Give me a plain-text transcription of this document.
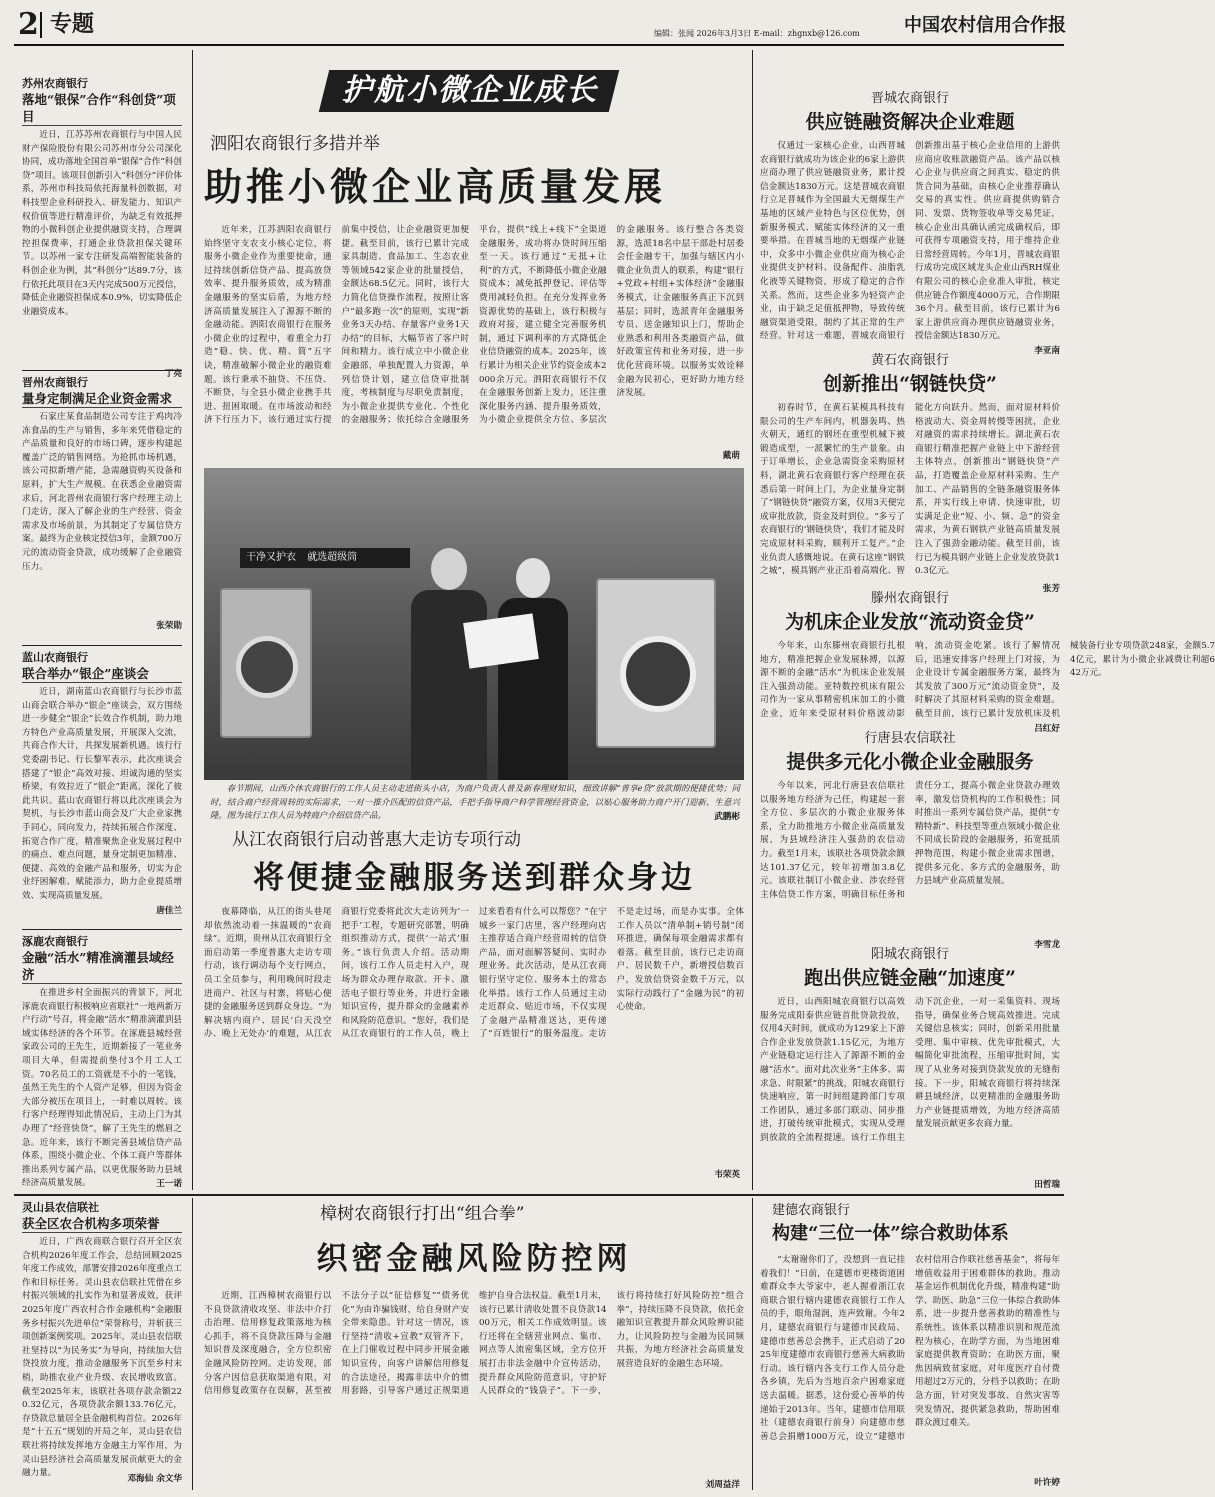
2 专题	编辑：张闻 2026年3月3日 E-mail：zhgnxb@126.com	中国农村信用合作报
苏州农商银行
落地“银保”合作“科创贷”项目
近日，江苏苏州农商银行与中国人民财产保险股份有限公司苏州市分公司深化协同，成功落地全国首单“银保”合作“科创贷”项目。该项目创新引入“科创分”评价体系，苏州市科技局依托海量科创数据，对科技型企业科研投入、研发能力、知识产权价值等进行精准评价，为缺乏有效抵押物的小微科创企业提供融资支持，合理调控担保费率，打通企业贷款担保关键环节。以苏州一家专注研发高端智能装备的科创企业为例，其“科创分”达89.7分，该行依托此项目在3天内完成500万元授信，降低企业融资担保成本0.9%，切实降低企业融资成本。
丁亮
晋州农商银行
量身定制满足企业资金需求
石家庄某食品制造公司专注于鸡肉冷冻食品的生产与销售，多年来凭借稳定的产品质量和良好的市场口碑，逐步构建起覆盖广泛的销售网络。为抢抓市场机遇，该公司拟新增产能，急需融资购买设备和原料，扩大生产规模。在获悉企业融资需求后，河北晋州农商银行客户经理主动上门走访，深入了解企业的生产经营、资金需求及市场前景，为其制定了专属信贷方案。最终为企业核定授信3年，金额700万元的流动资金贷款，成功缓解了企业融资压力。
张荣勋
蓝山农商银行
联合举办“银企”座谈会
近日，湖南蓝山农商银行与长沙市蓝山商会联合举办“银企”座谈会，双方围绕进一步健全“银企”长效合作机制，助力地方特色产业高质量发展，开展深入交流，共商合作大计，共探发展新机遇。该行行党委副书记、行长黎军表示，此次座谈会搭建了“银企”高效对接、坦诚沟通的坚实桥梁，有效拉近了“银企”距离，深化了彼此共识。蓝山农商银行将以此次座谈会为契机，与长沙市蓝山商会及广大企业家携手同心，同向发力，持续拓展合作深度、拓宽合作广度，精准聚焦企业发展过程中的痛点、难点问题，量身定制更加精准、便捷、高效的金融产品和服务，切实为企业纾困解难、赋能添力，助力企业提质增效、实现高质量发展。
唐佳兰
涿鹿农商银行
金融“活水”精准滴灌县域经济
在推进乡村全面振兴的背景下，河北涿鹿农商银行积极响应省联社“一地两新万户行动”号召，将金融“活水”精准滴灌到县域实体经济的各个环节。在涿鹿县城经营家政公司的王先生，近期新接了一笔业务项目大单，但需提前垫付3个月工人工资。70名员工的工资就是不小的一笔钱，虽然王先生的个人资产足够，但因为资金大部分被压在项目上，一时难以周转。该行客户经理得知此情况后，主动上门为其办理了“经营快贷”，解了王先生的燃眉之急。近年来，该行不断完善县域信贷产品体系，围绕小微企业、个体工商户等群体推出系列专属产品，以更优服务助力县域经济高质量发展。	王一诺
护航小微企业成长
泗阳农商银行多措并举
助推小微企业高质量发展
近年来，江苏泗阳农商银行始终坚守支农支小核心定位，将服务小微企业作为重要使命，通过持续创新信贷产品、提高放贷效率、提升服务质效，成为精准金融服务的坚实后盾，为地方经济高质量发展注入了源源不断的金融动能。泗阳农商银行在服务小微企业的过程中，着重全力打造“稳、快、优、精、简”五字诀，精准破解小微企业的融资难题。该行秉承不抽贷、不压贷、不断贷，与全县小微企业携手共进、扭困取暖。在市场波动和经济下行压力下，该行通过实行提前集中授信，让企业融资更加便捷。截至目前，该行已累计完成家具制造、食品加工、生态农业等领域542家企业的批量授信，金额达68.5亿元。同时，该行大力简化信贷操作流程，按照让客户“最多跑一次”的原则，实现“新业务3天办结、存量客户业务1天办结”的目标，大幅节省了客户时间和精力。该行成立中小微企业金融部，单独配置人力资源，单列信贷计划，建立信贷审批制度，考核制度与尽职免责制度，为小微企业提供专业化、个性化的金融服务；依托综合金融服务平台，提供“线上+线下”全渠道金融服务，成功将办贷时间压缩至一天。该行通过“无抵+让利”的方式，不断降低小微企业融资成本；减免抵押登记、评估等费用减轻负担。在充分发挥业务资源优势的基础上，该行积极与政府对接，建立健全完善服务机制，通过下调利率的方式降低企业信贷融资的成本。2025年，该行累计为相关企业节约资金成本2000余万元。泗阳农商银行不仅在金融服务创新上发力，还注重深化服务内涵、提升服务质效，为小微企业提供全方位、多层次的金融服务。该行整合各类资源，选派18名中层干部赴村居委会任金融专干，加强与辖区内小微企业负责人的联系，构建“银行+党政+村组+实体经济”金融服务模式，让金融服务真正下沉到基层；同时，选派青年金融服务专员、送金融知识上门，帮助企业熟悉和利用各类融资产品，做好政策宣传和业务对接，进一步优化营商环境。以服务实效诠释金融为民初心，更好助力地方经济发展。
戴萌
干净又护衣 就选超级筒
春节期间，山西介休农商银行的工作人员主动走进街头小店，为商户负责人普及新春理财知识，细致讲解“普享e贷”放款期的便捷优势；同时，结合商户经营周转的实际需求，一对一推介匹配的信贷产品，手把手指导商户科学管理经营资金，以贴心服务助力商户开门迎新、生意兴隆。图为该行工作人员为特商户介绍信贷产品。	武鹏彬
从江农商银行启动普惠大走访专项行动
将便捷金融服务送到群众身边
夜幕降临，从江的街头巷尾却依然流动着一抹温暖的“农商绿”。近期，贵州从江农商银行全面启动第一季度普惠大走访专项行动，该行调动每个支行网点，员工全员参与，利用晚间时段走进商户、社区与村寨，将贴心便捷的金融服务送到群众身边。“为解决辖内商户、居民‘白天没空办、晚上无处办’的难题，从江农商银行党委将此次大走访列为‘一把手’工程，专题研究部署，明确组织推动方式，提供‘一站式’服务。”该行负责人介绍。活动期间，该行工作人员走村入户，现场为群众办理存取款、开卡、激活电子银行等业务，并进行金融知识宣传，提升群众的金融素养和风险防范意识。“您好，我们是从江农商银行的工作人员，晚上过来看看有什么可以帮您？”在宁城乡一家门店里，客户经理向店主推荐适合商户经营周转的信贷产品，面对面解答疑问、实时办理业务。此次活动，是从江农商银行坚守定位、服务本土的常态化举措。该行工作人员通过主动走近群众、贴近市场，不仅实现了金融产品精准送达，更传递了“百姓银行”的服务温度。走访不是走过场，而是办实事。全体工作人员以“清单制+销号制”闭环推进，确保每项金融需求都有着落。截至目前，该行已走访商户、居民数千户，新增授信数百户，发放信贷资金数千万元，以实际行动践行了“金融为民”的初心使命。
韦荣英
晋城农商银行
供应链融资解决企业难题
仅通过一家核心企业，山西晋城农商银行就成功为该企业的6家上游供应商办理了供应链融资业务，累计授信金额达1830万元。这是晋城农商银行立足晋城作为全国最大无烟煤生产基地的区域产业特色与区位优势，创新服务模式、赋能实体经济的又一重要举措。在晋城当地的无烟煤产业链中，众多中小微企业供应商为核心企业提供支护材料、设备配件、油脂乳化液等关键物资，形成了稳定的合作关系。然而，这些企业多为轻资产企业，由于缺乏足值抵押物，导致传统融资渠道受限，制约了其正常的生产经营。针对这一难题，晋城农商银行创新推出基于核心企业信用的上游供应商应收账款融资产品。该产品以核心企业与供应商之间真实、稳定的供货合同为基础，由核心企业推荐确认交易的真实性。供应商提供购销合同、发票、货物签收单等交易凭证，核心企业出具确认函完成确权后，即可获得专项融资支持，用于维持企业日常经营周转。今年1月，晋城农商银行成功完成区域龙头企业山西RH煤业有限公司的核心企业准入审批，核定供应链合作额度4000万元，合作期限36个月。截至目前，该行已累计为6家上游供应商办理供应链融资业务，授信金额达1830万元。
李亚南
黄石农商银行
创新推出“钢链快贷”
初春时节，在黄石某模具科技有限公司的生产车间内，机器轰鸣、热火朝天，通红的钢坯在重型机械下被锻造成型，一派繁忙的生产景象。由于订单增长，企业急需资金采购原材料，湖北黄石农商银行客户经理在获悉后第一时间上门，为企业量身定制了“钢链快贷”融资方案，仅用3天便完成审批放款，资金及时到位。“多亏了农商银行的‘钢链快贷’，我们才能及时完成原材料采购，顺利开工复产。”企业负责人感慨地说。在黄石这座“钢铁之城”，模具钢产业正沿着高端化、智能化方向跃升。然而，面对原材料价格波动大、资金周转慢等困扰，企业对融资的需求持续增长。湖北黄石农商银行精准把握产业链上中下游经营主体特点，创新推出“钢链快贷”产品，打造覆盖企业原材料采购、生产加工、产品销售的全链条融资服务体系，并实行线上申请、快速审批，切实满足企业“短、小、频、急”的资金需求，为黄石钢铁产业链高质量发展注入了强劲金融动能。截至目前，该行已为模具钢产业链上企业发放贷款10.3亿元。
张芳
滕州农商银行
为机床企业发放“流动资金贷”
今年来，山东滕州农商银行扎根地方，精准把握企业发展脉搏，以源源不断的金融“活水”为机床企业发展注入强劲动能。亚特数控机床有限公司作为一家从事精密机床加工的小微企业，近年来受原材料价格波动影响，流动资金吃紧。该行了解情况后，迅速安排客户经理上门对接，为企业设计专属金融服务方案，最终为其发放了300万元“流动资金贷”，及时解决了其原材料采购的资金难题。截至目前，该行已累计发放机床及机械装备行业专项贷款248家，金额5.74亿元，累计为小微企业减费让利超642万元。
吕红好
行唐县农信联社
提供多元化小微企业金融服务
今年以来，河北行唐县农信联社以服务地方经济为己任，构建起一套全方位、多层次的小微企业服务体系，全力助推地方小微企业高质量发展，为县域经济注入强劲的农信动力。截至1月末，该联社各项贷款余额达101.37亿元，较年初增加3.8亿元。该联社制订小微企业、涉农经营主体信贷工作方案，明确目标任务和责任分工，提高小微企业贷款办理效率，激发信贷机构的工作积极性；同时推出一系列专属信贷产品，提供“专精特新”、科技型等重点领域小微企业不同成长阶段的金融服务，拓宽抵质押物范围，构建小微企业需求图谱，提供多元化、多方式的金融服务，助力县域产业高质量发展。
李雪龙
阳城农商银行
跑出供应链金融“加速度”
近日，山西阳城农商银行以高效服务完成阳泰供应链首批贷款投放，仅用4天时间，就成功为129家上下游合作企业发放贷款1.15亿元，为地方产业链稳定运行注入了源源不断的金融“活水”。面对此次业务“主体多、需求急、时限紧”的挑战，阳城农商银行快速响应，第一时间组建跨部门专项工作团队，通过多部门联动、同步推进，打破传统审批模式，实现从受理到放款的全流程提速。该行工作组主动下沉企业，一对一采集资料、现场指导，确保业务合规高效推进。完成关键信息核实；同时，创新采用批量受理、集中审核、优先审批模式，大幅简化审批流程，压缩审批时间，实现了从业务对接到贷款发放的无缝衔接。下一步，阳城农商银行将持续深耕县域经济，以更精准的金融服务助力产业链提质增效，为地方经济高质量发展贡献更多农商力量。
田哲瑞
灵山县农信联社
获全区农合机构多项荣誉
近日，广西农商联合银行召开全区农合机构2026年度工作会，总结回顾2025年度工作成效，部署安排2026年度重点工作和目标任务。灵山县农信联社凭借在乡村振兴领域的扎实作为和显著成效，获评2025年度广西农村合作金融机构“金融服务乡村振兴先进单位”荣誉称号，并斩获三项创新案例奖项。2025年，灵山县农信联社坚持以“为民务实”为导向，持续加大信贷投放力度，推动金融服务下沉至乡村末梢，助推农业产业升级、农民增收致富。截至2025年末，该联社各项存款余额220.32亿元，各项贷款余额133.76亿元，存贷款总量居全县金融机构首位。2026年是“十五五”规划的开局之年，灵山县农信联社将持续发挥地方金融主力军作用，为灵山县经济社会高质量发展贡献更大的金融力量。
邓海仙 余文华
樟树农商银行打出“组合拳”
织密金融风险防控网
近期，江西樟树农商银行以不良贷款清收攻坚、非法中介打击治理、信用修复政策落地为核心抓手，将不良贷款压降与金融知识普及深度融合，全方位织密金融风险防控网。走访发现，部分客户因信息获取渠道有限，对信用修复政策存在误解，甚至被不法分子以“征信修复”“债务优化”为由诈骗钱财，给自身财产安全带来隐患。针对这一情况，该行坚持“清收+宣教”双管齐下，在上门催收过程中同步开展金融知识宣传，向客户讲解信用修复的合法途径，揭露非法中介的惯用套路，引导客户通过正规渠道维护自身合法权益。截至1月末，该行已累计清收处置不良贷款1400万元，相关工作成效明显。该行还将在全辖营业网点、集市、网点等人流密集区域，全方位开展打击非法金融中介宣传活动，提升群众风险防范意识，守护好人民群众的“钱袋子”。下一步，该行将持续打好风险防控“组合拳”，持续压降不良贷款，依托金融知识宣教提升群众风险辨识能力，让风险防控与金融为民同频共振，为地方经济社会高质量发展营造良好的金融生态环境。
刘周益洋
建德农商银行
构建“三位一体”综合救助体系
“太谢谢你们了，没想到一直记挂着我们！”日前，在建德市更楼街道困难群众李大爷家中，老人握着浙江农商联合银行辖内建德农商银行工作人员的手，眼角湿润，连声致谢。今年2月，建德农商银行与建德市民政局、建德市慈善总会携手，正式启动了2025年度建德市农商银行慈善大病救助行动。该行辖内各支行工作人员分赴各乡镇，先后为当地百余户困难家庭送去温暖。据悉，这份爱心善举的传递始于2013年。当年，建德市信用联社（建德农商银行前身）向建德市慈善总会捐赠1000万元，设立“建德市农村信用合作联社慈善基金”，将每年增值收益用于困难群体的救助。推动基金运作机制优化升级，精准构建“助学、助医、助急”三位一体综合救助体系，进一步提升慈善救助的精准性与系统性。该体系以精准识别和规范流程为核心，在助学方面，为当地困难家庭提供教育资助；在助医方面，聚焦因病致贫家庭，对年度医疗自付费用超过2万元的，分档予以救助；在助急方面，针对突发事故、自然灾害等突发情况，提供紧急救助，帮助困难群众渡过难关。
叶许婷
